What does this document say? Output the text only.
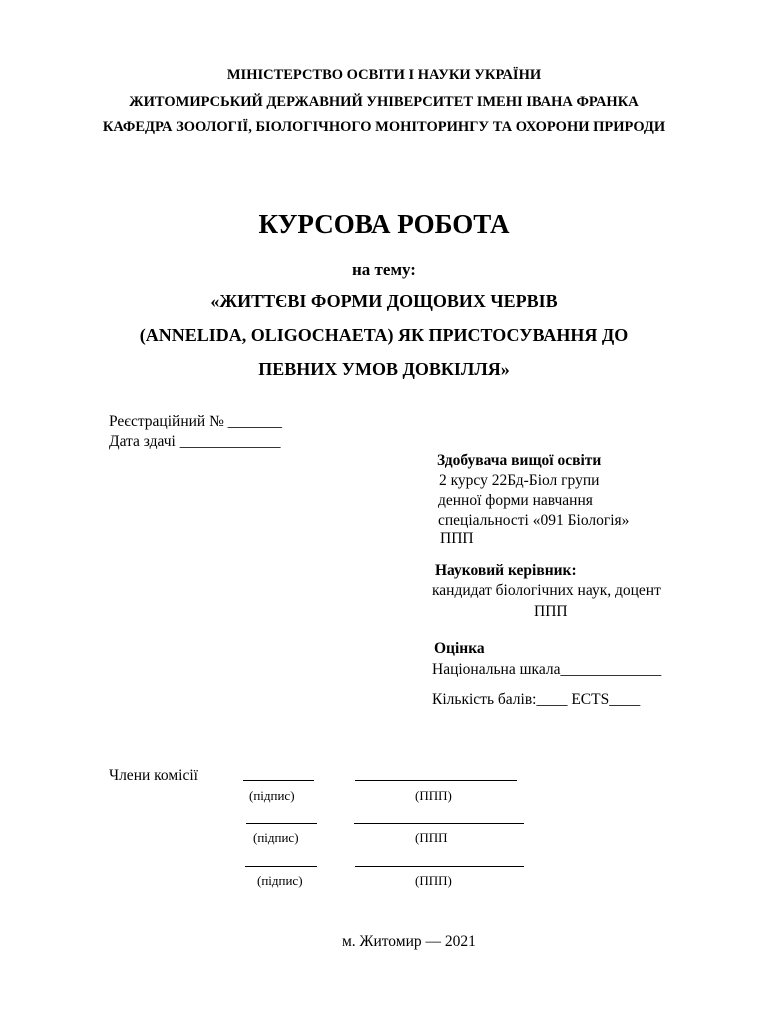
МІНІСТЕРСТВО ОСВІТИ І НАУКИ УКРАЇНИ
ЖИТОМИРСЬКИЙ ДЕРЖАВНИЙ УНІВЕРСИТЕТ ІМЕНІ ІВАНА ФРАНКА
КАФЕДРА ЗООЛОГІЇ, БІОЛОГІЧНОГО МОНІТОРИНГУ ТА ОХОРОНИ ПРИРОДИ
КУРСОВА РОБОТА
на тему:
«ЖИТТЄВІ ФОРМИ ДОЩОВИХ ЧЕРВІВ
(ANNELIDA, OLIGOCHAETA) ЯК ПРИСТОСУВАННЯ ДО
ПЕВНИХ УМОВ ДОВКІЛЛЯ»
Реєстраційний № _______
Дата здачі _____________
Здобувача вищої освіти
2 курсу 22Бд-Біол групи
денної форми навчання
спеціальності «091 Біологія»
ППП
Науковий керівник:
кандидат біологічних наук, доцент
ППП
Оцінка
Національна шкала_____________
Кількість балів:____ ECTS____
Члени комісії
(підпис)	(ППП)
(підпис)	(ППП
(підпис)	(ППП)
м. Житомир — 2021
